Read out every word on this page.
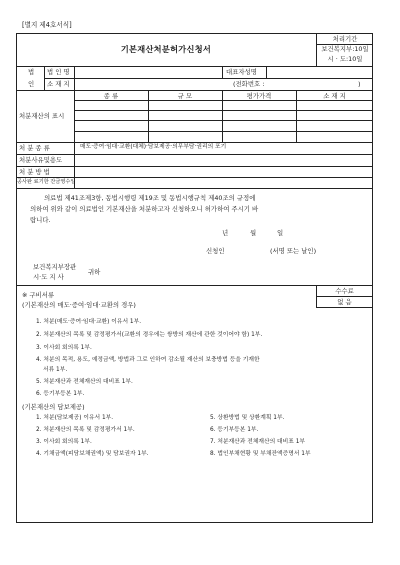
[별지 제4호서식]
기본재산처분허가신청서
처리기간
보건복지부:10일
시 · 도:10일
법
인
법 인 명	대표자성명
소 재 지	(전화번호 :	)
처분재산의 표시
종 류	규 모	평가가격	소 재 지
처 분 종 류	매도·증여·임대·교환(대체)·담보제공·의무부담·권리의 포기
처분사유및용도
처 분 방 법
공사완 료기한 잔금영수일
의료법 제41조제3항, 동법시행령 제19조 및 동법시행규칙 제40조의 규정에
의하여 위와 같이 의료법인 기본재산을 처분하고자 신청하오니 허가하여 주시기 바
랍니다.
년	월	일
신청인	(서명 또는 날인)
보건복지부장관
시·도 지 사
귀하
수수료
없 음
※ 구비서류
(기본재산의 매도·증여·임대·교환의 경우)
1. 처분(매도·증여·임대·교환) 이유서 1부.
2. 처분재산의 목록 및 감정평가서(교환의 경우에는 쌍방의 재산에 관한 것이어야 함) 1부.
3. 이사회 회의록 1부.
4. 처분의 목적, 용도, 예정금액, 방법과 그로 인하여 감소될 재산의 보충방법 등을 기재한
서류 1부.
5. 처분재산과 전체재산의 대비표 1부.
6. 등기부등본 1부.
(기본재산의 담보제공)
1. 처분(담보제공) 이유서 1부.
2. 처분재산의 목록 및 감정평가서 1부.
3. 이사회 회의록 1부.
4. 기채금액(피담보채권액) 및 담보권자 1부.
5. 상환방법 및 상환계획 1부.
6. 등기부등본 1부.
7. 처분재산과 전체재산의 대비표 1부
8. 법인부채현황 및 부채잔액증명서 1부
